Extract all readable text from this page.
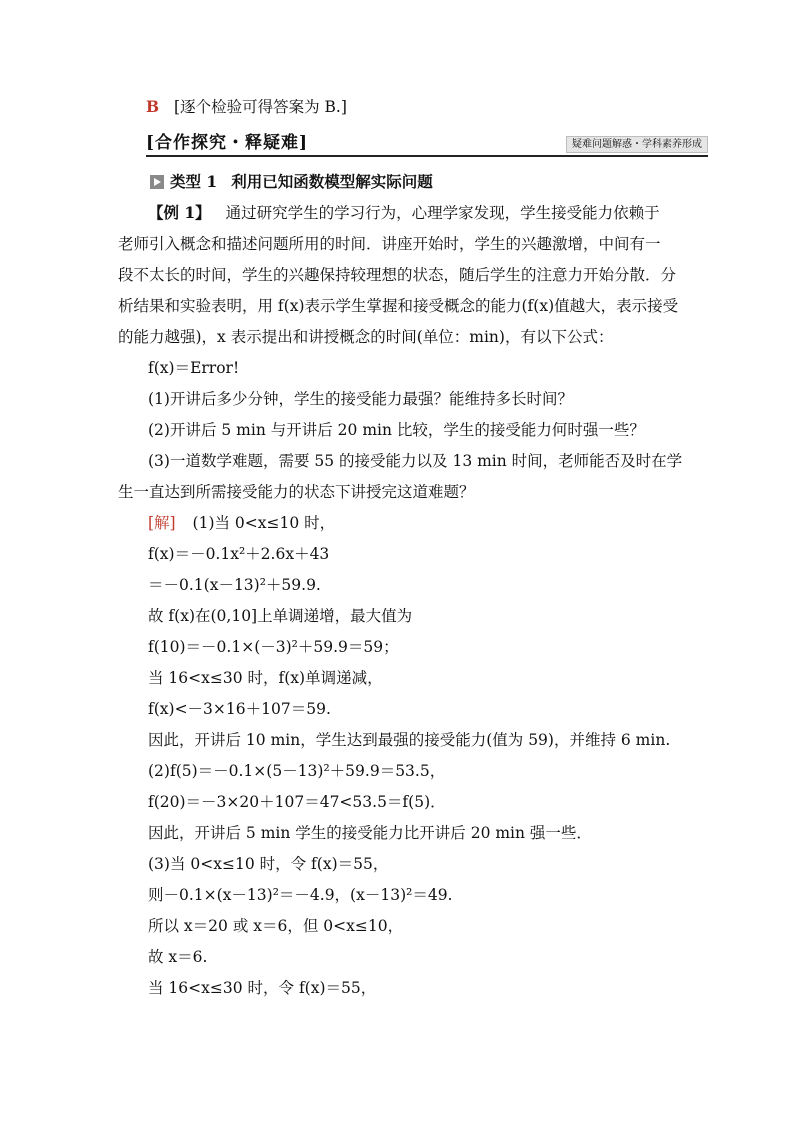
B [逐个检验可得答案为 B.]
[合作探究・释疑难]	疑难问题解惑・学科素养形成
类型 1 利用已知函数模型解实际问题
【例 1】 通过研究学生的学习行为，心理学家发现，学生接受能力依赖于
老师引入概念和描述问题所用的时间．讲座开始时，学生的兴趣激增，中间有一
段不太长的时间，学生的兴趣保持较理想的状态，随后学生的注意力开始分散．分
析结果和实验表明，用 f(x)表示学生掌握和接受概念的能力(f(x)值越大，表示接受
的能力越强)，x 表示提出和讲授概念的时间(单位：min)，有以下公式：
f(x)＝Error!
(1)开讲后多少分钟，学生的接受能力最强？能维持多长时间？
(2)开讲后 5 min 与开讲后 20 min 比较，学生的接受能力何时强一些？
(3)一道数学难题，需要 55 的接受能力以及 13 min 时间，老师能否及时在学
生一直达到所需接受能力的状态下讲授完这道难题？
[解] (1)当 0<x≤10 时，
f(x)＝－0.1x²＋2.6x＋43
＝－0.1(x－13)²＋59.9.
故 f(x)在(0,10]上单调递增，最大值为
f(10)＝－0.1×(－3)²＋59.9＝59；
当 16<x≤30 时，f(x)单调递减，
f(x)<－3×16＋107＝59.
因此，开讲后 10 min，学生达到最强的接受能力(值为 59)，并维持 6 min.
(2)f(5)＝－0.1×(5－13)²＋59.9＝53.5，
f(20)＝－3×20＋107＝47<53.5＝f(5)．
因此，开讲后 5 min 学生的接受能力比开讲后 20 min 强一些．
(3)当 0<x≤10 时，令 f(x)＝55，
则－0.1×(x－13)²＝－4.9，(x－13)²＝49.
所以 x＝20 或 x＝6，但 0<x≤10，
故 x＝6.
当 16<x≤30 时，令 f(x)＝55，
